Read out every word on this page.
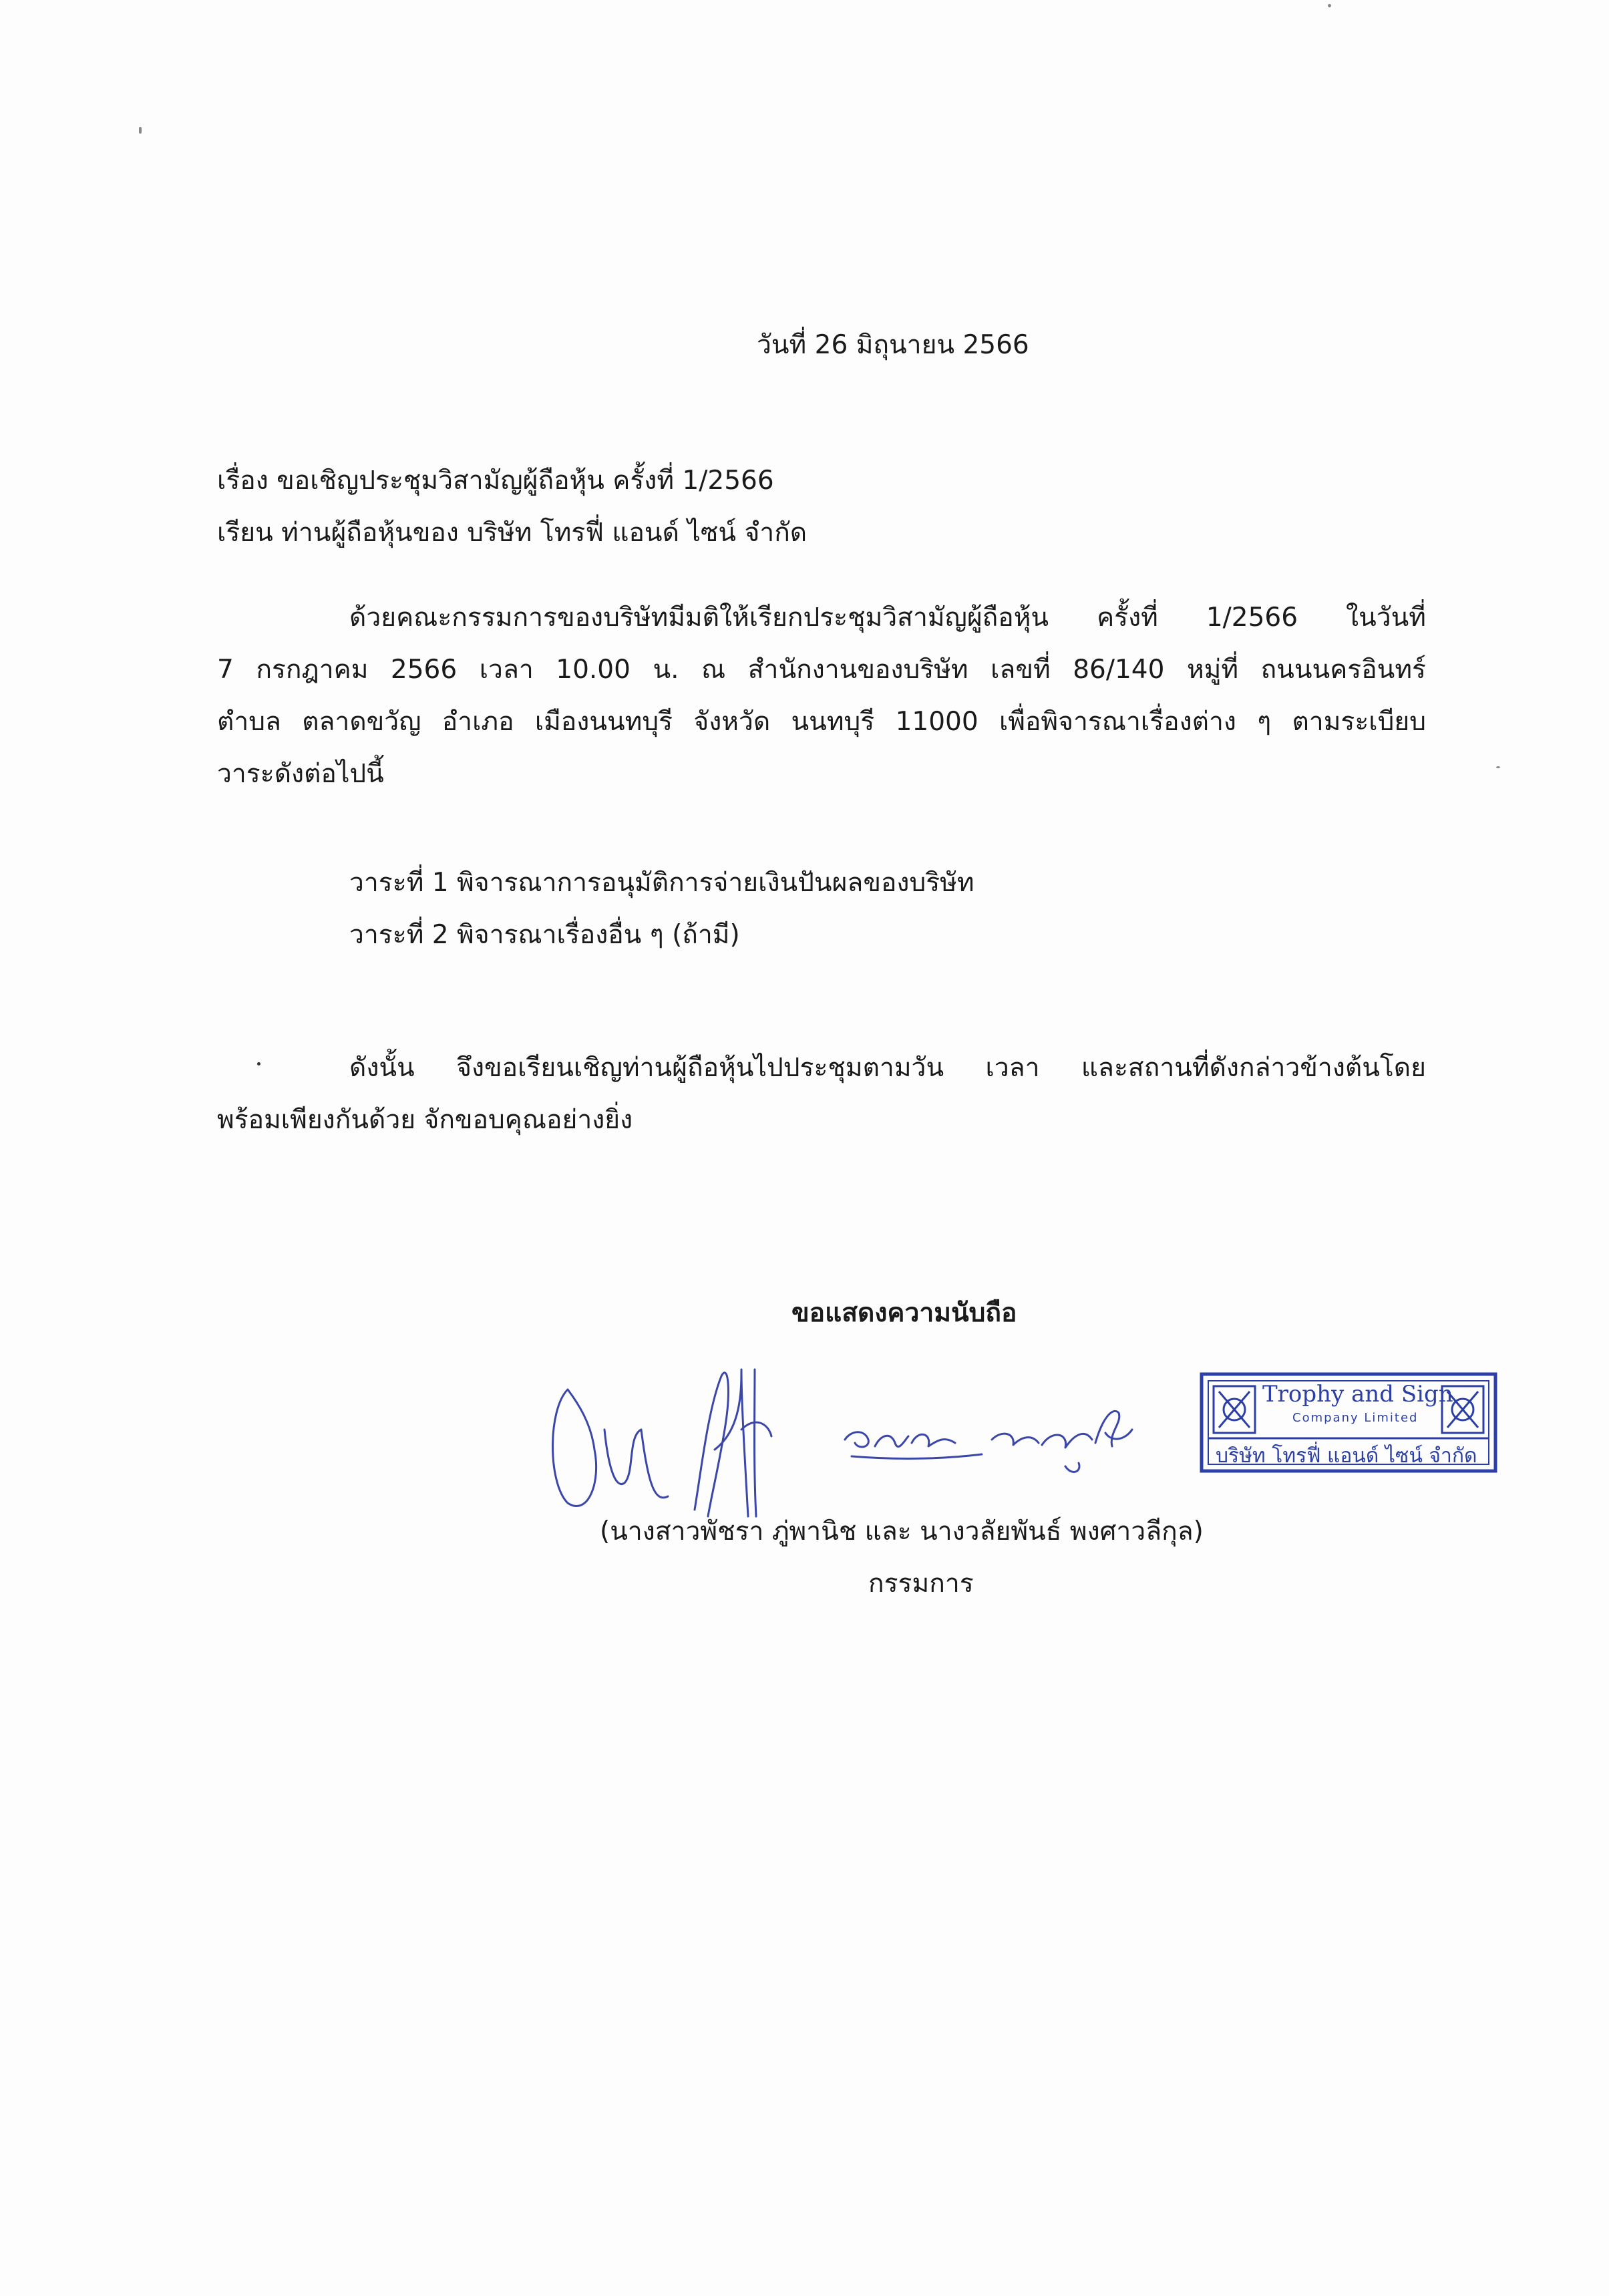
วันที่ 26 มิถุนายน 2566
เรื่อง ขอเชิญประชุมวิสามัญผู้ถือหุ้น ครั้งที่ 1/2566
เรียน ท่านผู้ถือหุ้นของ บริษัท โทรฟี่ แอนด์ ไซน์ จำกัด
ด้วยคณะกรรมการของบริษัทมีมติให้เรียกประชุมวิสามัญผู้ถือหุ้น ครั้งที่ 1/2566 ในวันที่
7 กรกฎาคม 2566 เวลา 10.00 น. ณ สำนักงานของบริษัท เลขที่ 86/140 หมู่ที่ ถนนนครอินทร์
ตำบล ตลาดขวัญ อำเภอ เมืองนนทบุรี จังหวัด นนทบุรี 11000 เพื่อพิจารณาเรื่องต่าง ๆ ตามระเบียบ
วาระดังต่อไปนี้
วาระที่ 1 พิจารณาการอนุมัติการจ่ายเงินปันผลของบริษัท
วาระที่ 2 พิจารณาเรื่องอื่น ๆ (ถ้ามี)
ดังนั้น จึงขอเรียนเชิญท่านผู้ถือหุ้นไปประชุมตามวัน เวลา และสถานที่ดังกล่าวข้างต้นโดย
พร้อมเพียงกันด้วย จักขอบคุณอย่างยิ่ง
ขอแสดงความนับถือ
Trophy and Sign
Company Limited
บริษัท โทรฟี่ แอนด์ ไซน์ จำกัด
(นางสาวพัชรา ภู่พานิช และ นางวลัยพันธ์ พงศาวลีกุล)
กรรมการ
